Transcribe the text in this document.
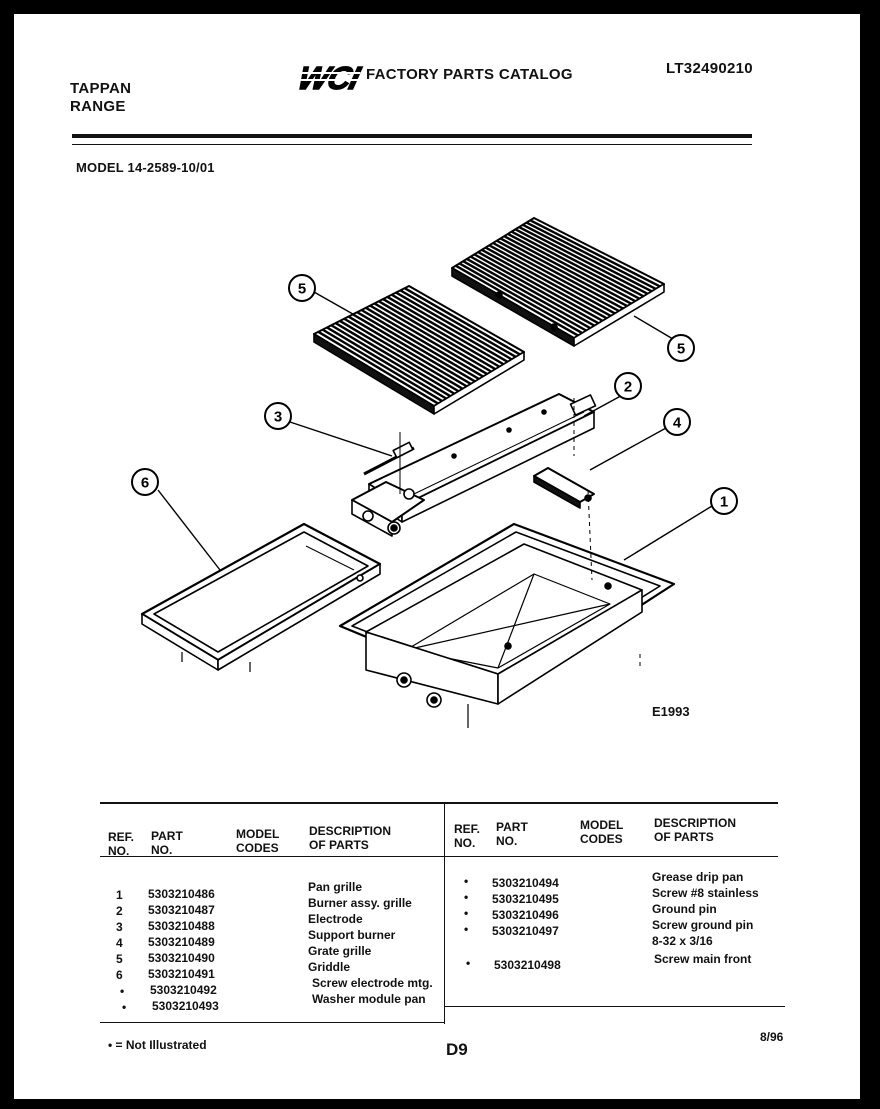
TAPPAN
RANGE
WCI FACTORY PARTS CATALOG	LT32490210
MODEL 14-2589-10/01
5
5
3
2
4
6
1
E1993
REF.
NO.
PART
NO.
MODEL
CODES
DESCRIPTION
OF PARTS
REF.
NO.
PART
NO.
MODEL
CODES
DESCRIPTION
OF PARTS
1 5303210486	Pan grille
2 5303210487	Burner assy. grille
3 5303210488	Electrode
4 5303210489	Support burner
5 5303210490	Grate grille
6 5303210491	Griddle
• 5303210492	Screw electrode mtg.
• 5303210493	Washer module pan
• 5303210494	Grease drip pan
• 5303210495	Screw #8 stainless
• 5303210496	Ground pin
• 5303210497	Screw ground pin
8-32 x 3/16
• 5303210498	Screw main front
• = Not Illustrated	D9
8/96
